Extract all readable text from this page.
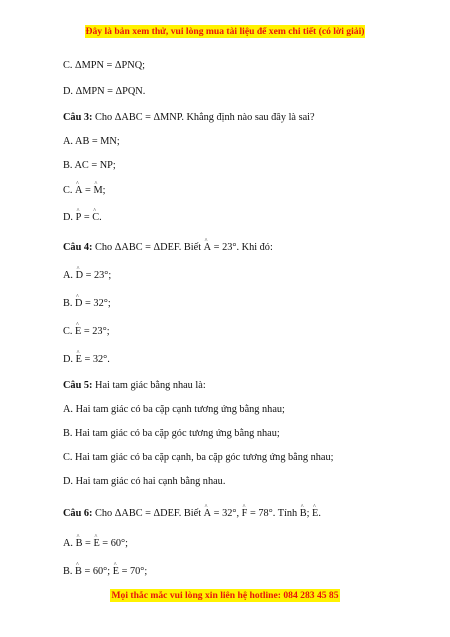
Đây là bản xem thử, vui lòng mua tài liệu để xem chi tiết (có lời giải)
C. ΔMPN = ΔPNQ;
D. ΔMPN = ΔPQN.
Câu 3: Cho ΔABC = ΔMNP. Khẳng định nào sau đây là sai?
A. AB = MN;
B. AC = NP;
C. ^ A = ^ M;
D. ^ P = ^ C.
Câu 4: Cho ΔABC = ΔDEF. Biết ^ A = 23°. Khi đó:
A. ^ D = 23°;
B. ^ D = 32°;
C. ^ E = 23°;
D. ^ E = 32°.
Câu 5: Hai tam giác bằng nhau là:
A. Hai tam giác có ba cặp cạnh tương ứng bằng nhau;
B. Hai tam giác có ba cặp góc tương ứng bằng nhau;
C. Hai tam giác có ba cặp cạnh, ba cặp góc tương ứng bằng nhau;
D. Hai tam giác có hai cạnh bằng nhau.
Câu 6: Cho ΔABC = ΔDEF. Biết ^ A = 32°, ^ F = 78°. Tính ^ B; ^ E.
A. ^ B = ^ E = 60°;
B. ^ B = 60°; ^ E = 70°;
Mọi thắc mắc vui lòng xin liên hệ hotline: 084 283 45 85
